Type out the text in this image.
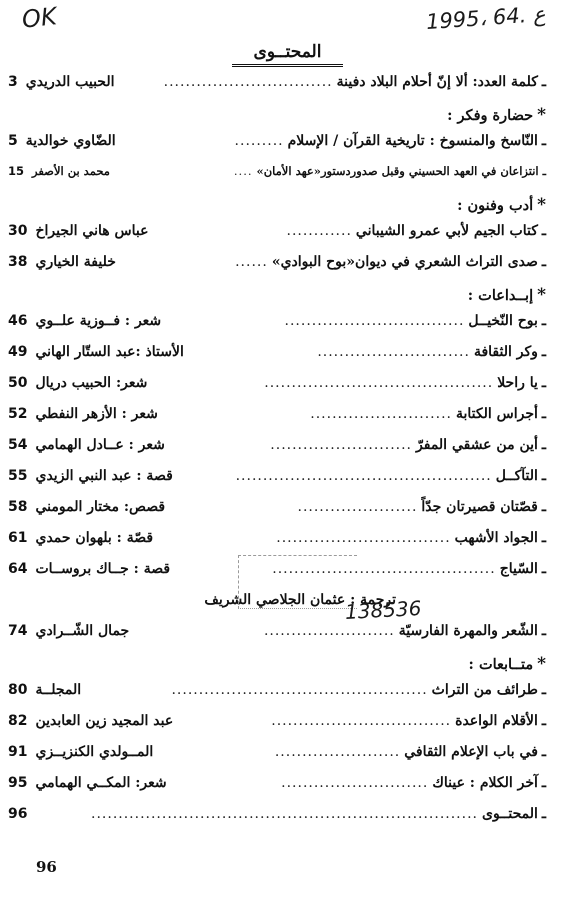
OK	1995، 64. ع
المحتــوى
ـ
كلمة العدد: ألا إنّ أحلام البلاد دفينة
...............................
الحبيب الدريدي
3
*
حضارة وفكر :
ـ
النّاسخ والمنسوخ : تاريخية القرآن / الإسلام
.........
الضّاوي خوالدية
5
ـ
انتزاعان في العهد الحسيني وقبل صدوردستور«عهد الأمان»
....
محمد بن الأصفر
15
*
أدب وفنون :
ـ
كتاب الجيم لأبي عمرو الشيباني
............
عباس هاني الجيراخ
30
ـ
صدى التراث الشعري في ديوان«بوح البوادي»
......
خليفة الخياري
38
*
إبــداعات :
ـ
بوح النّخيــل
.................................
شعر : فــوزية علــوي
46
ـ
وكر الثقافة
............................
الأستاذ :عبد الستّار الهاني
49
ـ
يا راحلا
..........................................
شعر: الحبيب دريال
50
ـ
أجراس الكتابة
..........................
شعر : الأزهر النفطي
52
ـ
أين من عشقي المفرّ
..........................
شعر : عــادل الهمامي
54
ـ
التآكــل
...............................................
قصة : عبد النبي الزيدي
55
ـ
قصّتان قصيرتان جدّاً
......................
قصص: مختار المومني
58
ـ
الجواد الأشهب
................................
قصّة : بلهوان حمدي
61
ـ
السّياج
.........................................
قصة : جــاك بروســات
64
ترجمة : عثمان الجلاصي الشريف
ـ
الشّعر والمهرة الفارسيّة
........................
جمال الشّــرادي
74
*
متــابعات :
ـ
طرائف من التراث
...............................................
المجلــة
80
ـ
الأقلام الواعدة
.................................
عبد المجيد زين العابدين
82
ـ
في باب الإعلام الثقافي
.......................
المــولدي الكنزيــزي
91
ـ
آخر الكلام : عيناك
...........................
شعر: المكــي الهمامي
95
ـ
المحتــوى
.......................................................................
96
138536
96
